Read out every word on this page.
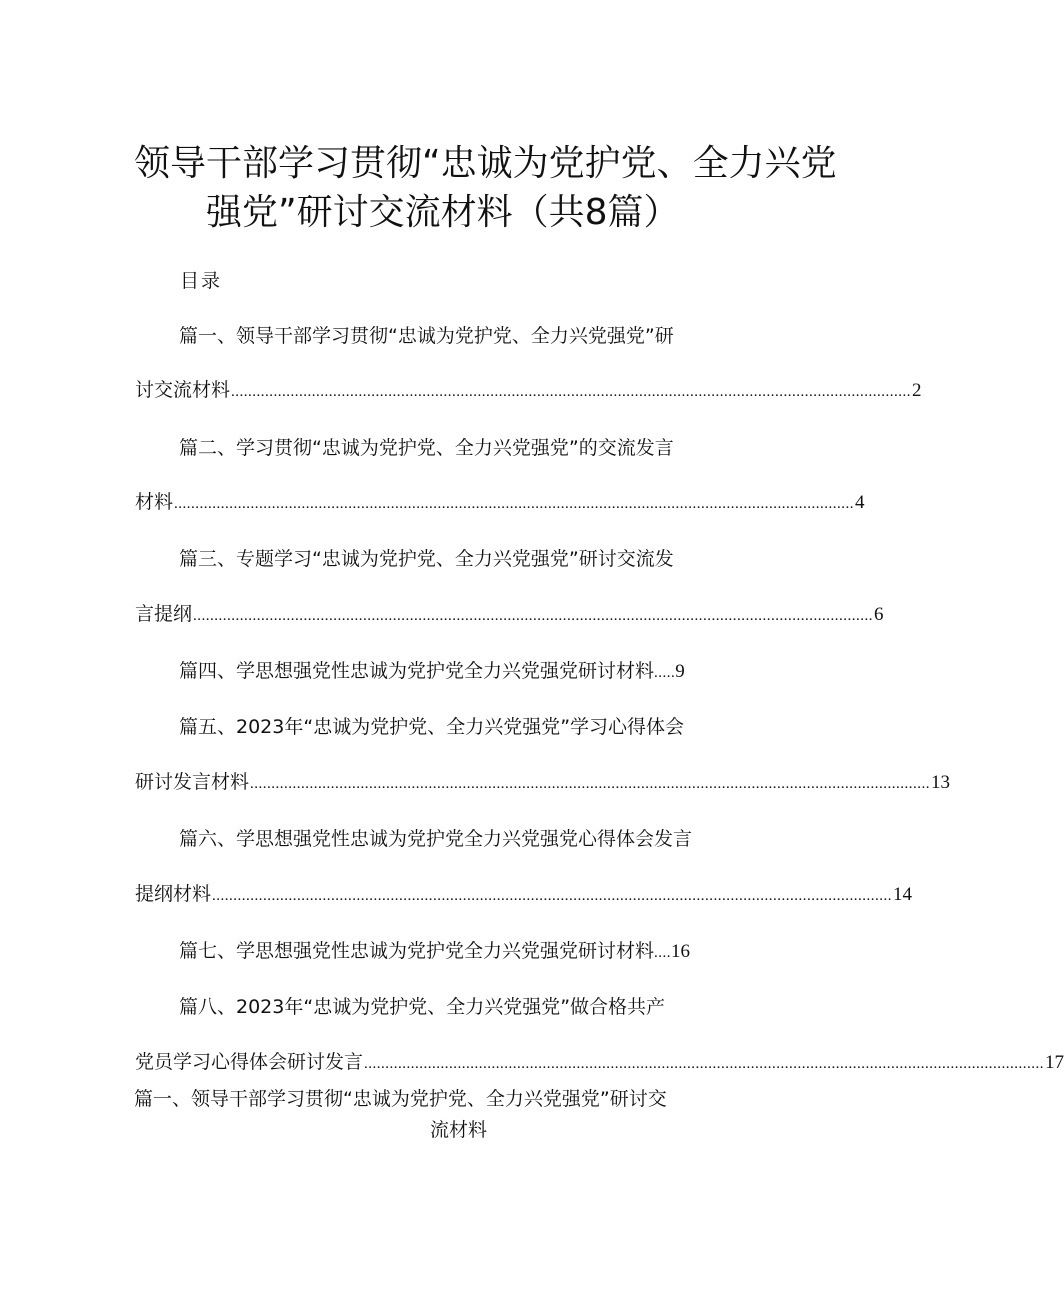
领导干部学习贯彻“忠诚为党护党、全力兴党
强党”研讨交流材料（共8篇）
目录
篇一、领导干部学习贯彻“忠诚为党护党、全力兴党强党”研
讨交流材料 ................................................................................................................................................................ 2
篇二、学习贯彻“忠诚为党护党、全力兴党强党”的交流发言
材料 ................................................................................................................................................................ 4
篇三、专题学习“忠诚为党护党、全力兴党强党”研讨交流发
言提纲 ................................................................................................................................................................ 6
篇四、学思想强党性忠诚为党护党全力兴党强党研讨材料 ..... 9
篇五、2023年“忠诚为党护党、全力兴党强党”学习心得体会
研讨发言材料 ................................................................................................................................................................ 13
篇六、学思想强党性忠诚为党护党全力兴党强党心得体会发言
提纲材料 ................................................................................................................................................................ 14
篇七、学思想强党性忠诚为党护党全力兴党强党研讨材料 .... 16
篇八、2023年“忠诚为党护党、全力兴党强党”做合格共产
党员学习心得体会研讨发言 ................................................................................................................................................................ 17
篇一、领导干部学习贯彻“忠诚为党护党、全力兴党强党”研讨交
流材料
